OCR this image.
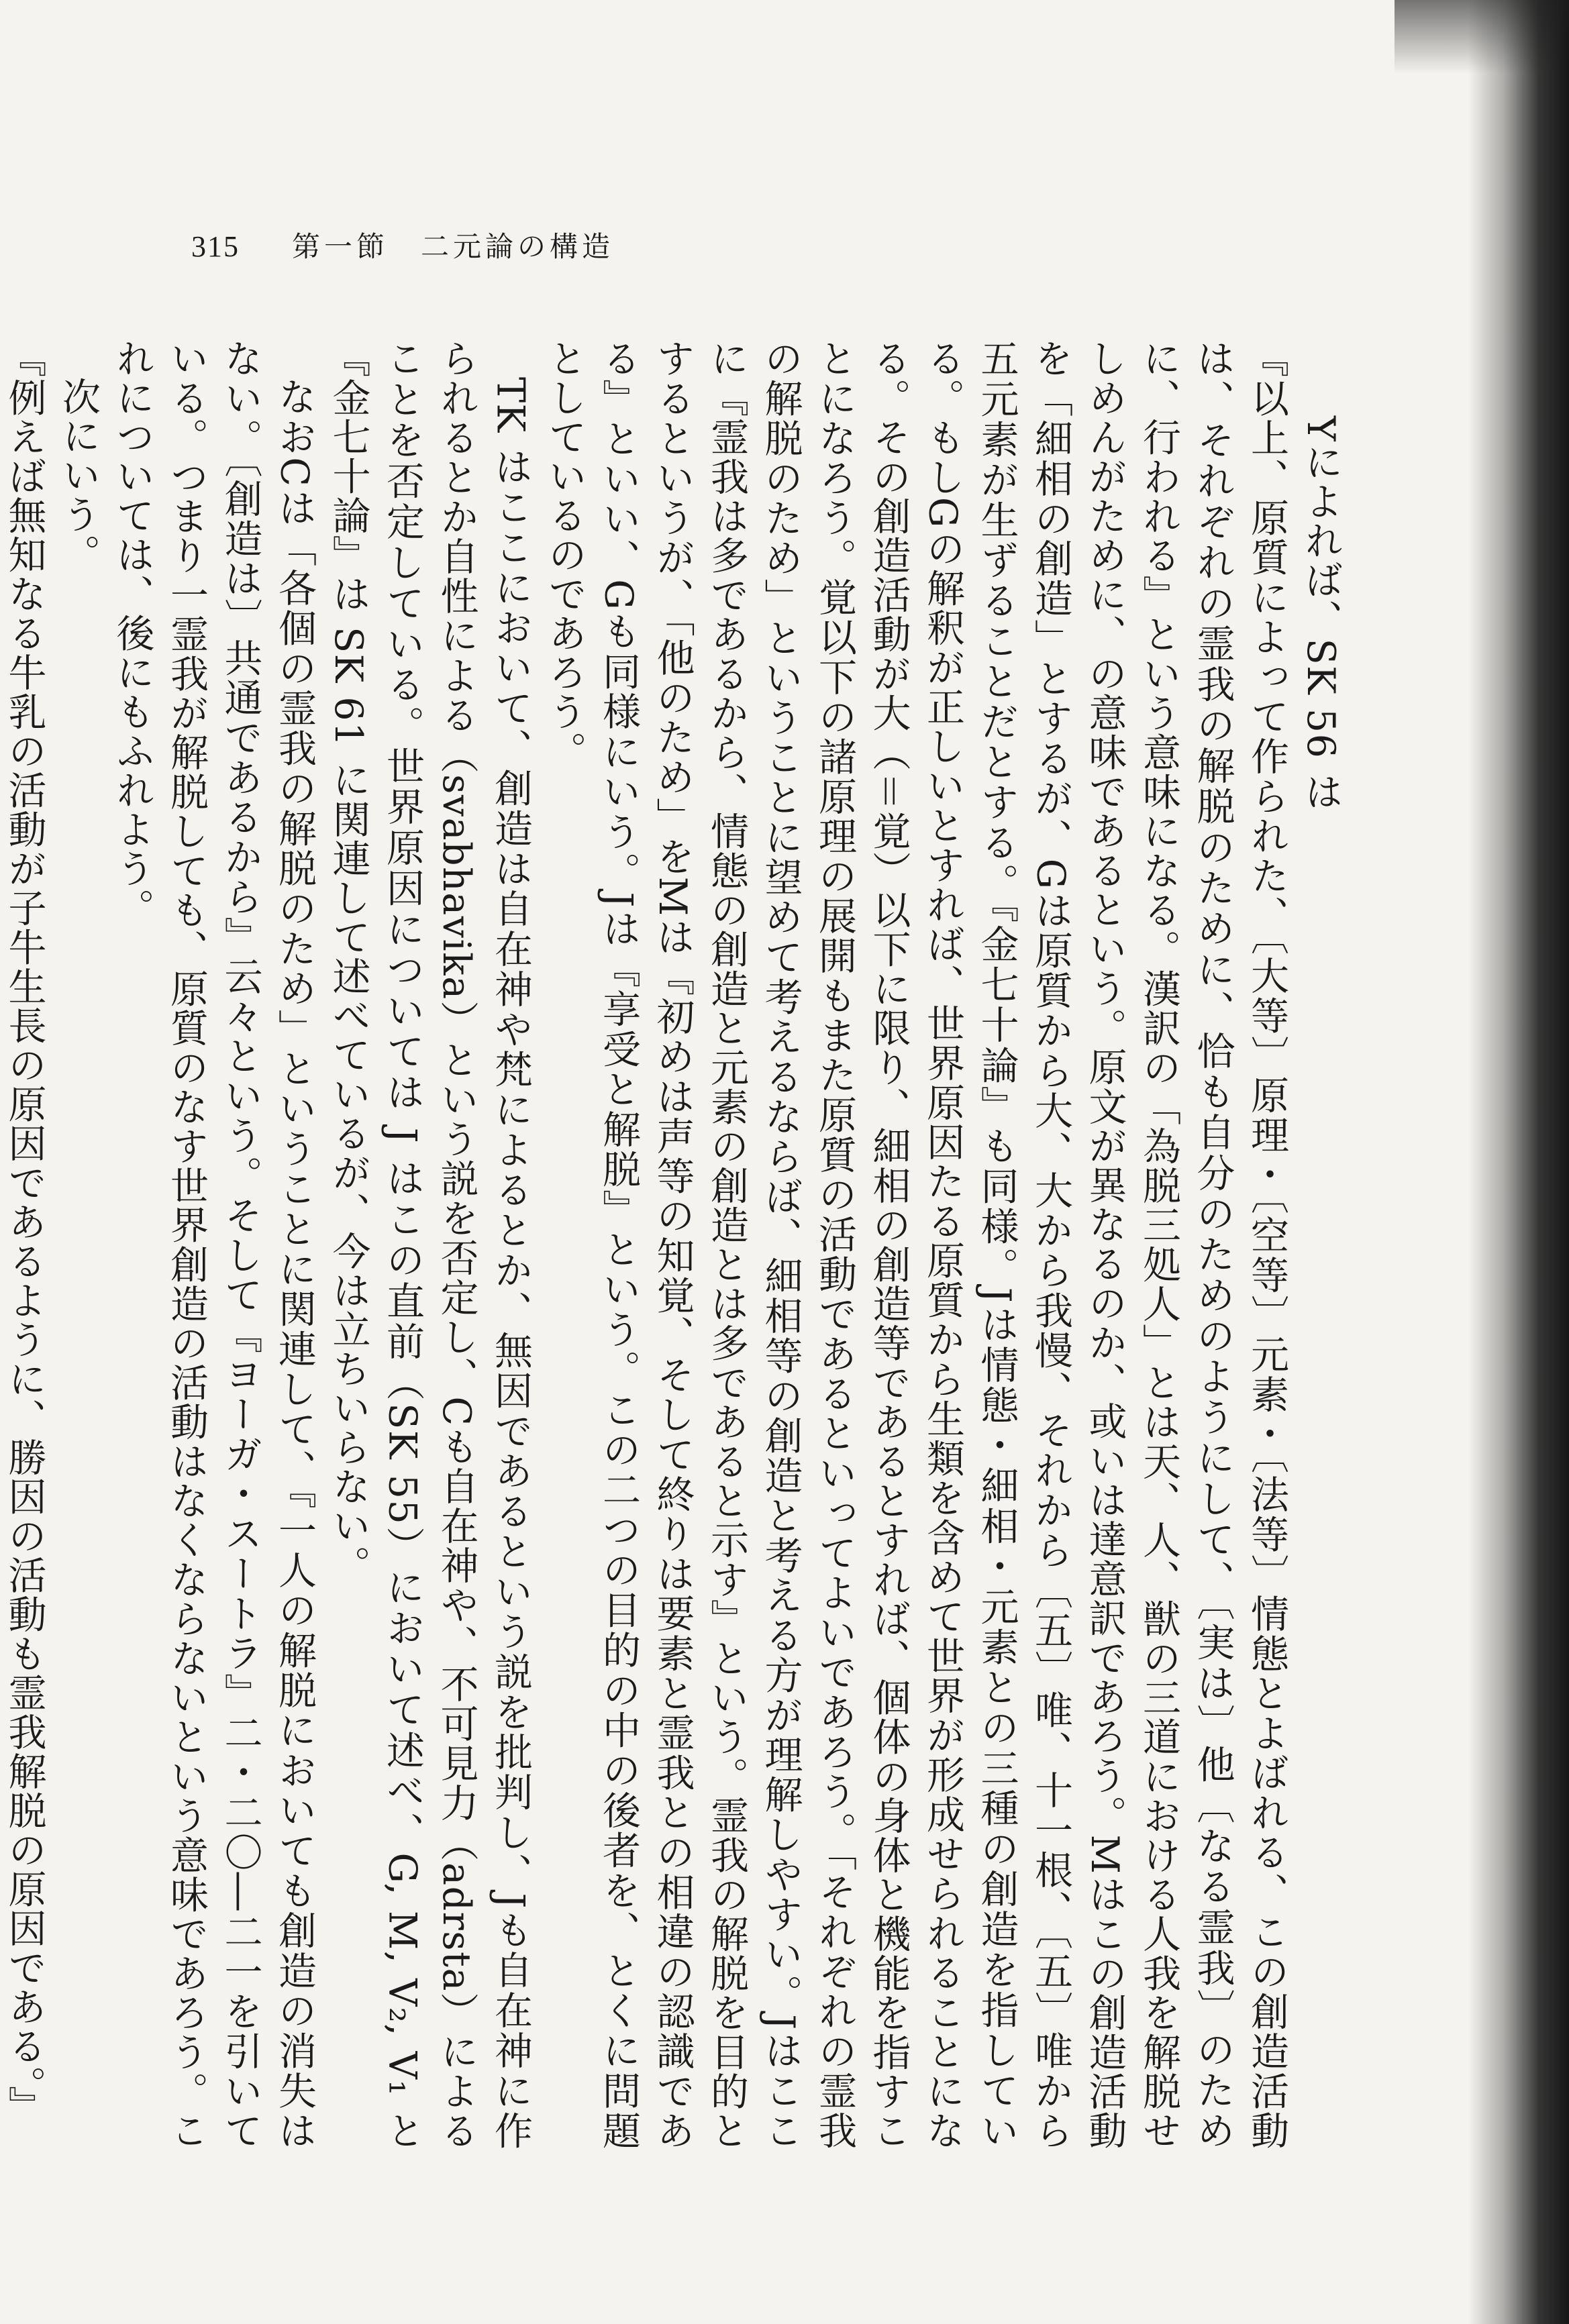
315 第一節　二元論の構造

Yによれば、SK 56 は

『以上、原質によって作られた、〔大等〕原理・〔空等〕元素・〔法等〕情態とよばれる、この創造活動は、それぞれの霊我の解脱のために、恰も自分のためのようにして、〔実は〕他〔なる霊我〕のために、行われる』という意味になる。漢訳の「為脱三処人」とは天、人、獣の三道における人我を解脱せしめんがために、の意味であるという。原文が異なるのか、或いは達意訳であろう。Mはこの創造活動を「細相の創造」とするが、Gは原質から大、大から我慢、それから〔五〕唯、十一根、〔五〕唯から五元素が生ずることだとする。『金七十論』も同様。Jは情態・細相・元素との三種の創造を指している。もしGの解釈が正しいとすれば、世界原因たる原質から生類を含めて世界が形成せられることになる。その創造活動が大（＝覚）以下に限り、細相の創造等であるとすれば、個体の身体と機能を指すことになろう。覚以下の諸原理の展開もまた原質の活動であるといってよいであろう。「それぞれの霊我の解脱のため」ということに望めて考えるならば、細相等の創造と考える方が理解しやすい。Jはここに『霊我は多であるから、情態の創造と元素の創造とは多であると示す』という。霊我の解脱を目的とするというが、「他のため」をMは『初めは声等の知覚、そして終りは要素と霊我との相違の認識である』といい、Gも同様にいう。Jは『享受と解脱』という。この二つの目的の中の後者を、とくに問題としているのであろう。

TK はここにおいて、創造は自在神や梵によるとか、無因であるという説を批判し、Jも自在神に作られるとか自性による（svabhavika）という説を否定し、Cも自在神や、不可見力（adrsta）によることを否定している。世界原因については J はこの直前（SK 55）において述べ、G, M, V₂, V₁ と『金七十論』は SK 61 に関連して述べているが、今は立ちいらない。

なおCは「各個の霊我の解脱のため」ということに関連して、『一人の解脱においても創造の消失はない。〔創造は〕共通であるから』云々という。そして『ヨーガ・スートラ』二・二〇―二一を引いている。つまり一霊我が解脱しても、原質のなす世界創造の活動はなくならないという意味であろう。これについては、後にもふれよう。

次にいう。

『例えば無知なる牛乳の活動が子牛生長の原因であるように、勝因の活動も霊我解脱の原因である。』
